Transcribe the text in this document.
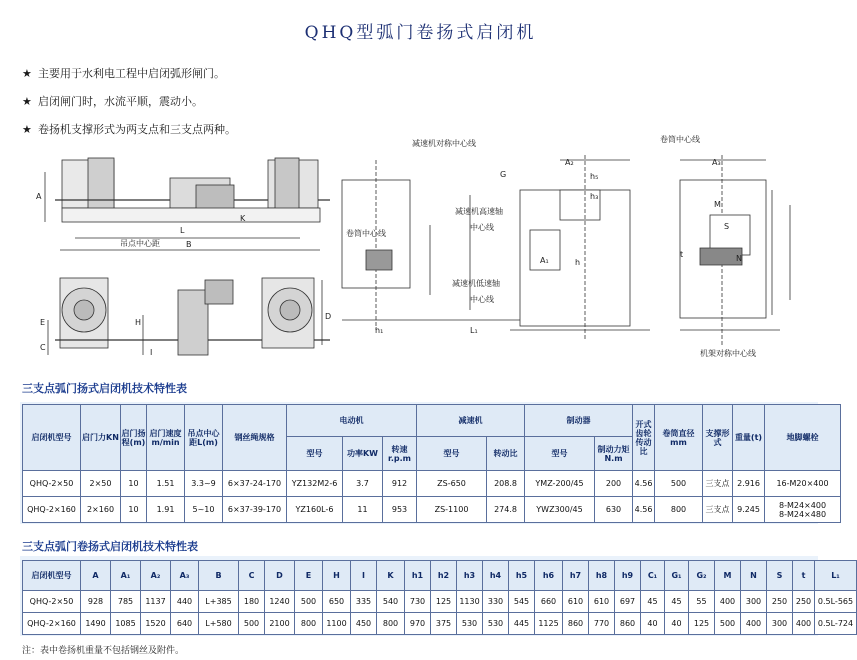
QHQ型弧门卷扬式启闭机
★ 主要用于水利电工程中启闭弧形闸门。
★ 启闭闸门时，水流平顺，震动小。
★ 卷扬机支撑形式为两支点和三支点两种。
减速机对称中心线	卷筒中心线
减速机高速轴
中心线
卷筒中心线
减速机低速轴
中心线
机架对称中心线
吊点中心距
L
B
A
K
E
C
H
D
I
A₂
A₁
A₃
G
h₃
h₁
h
L₁
h₅
M
S
N
t
三支点弧门扬式启闭机技术特性表
启闭机型号	启门力KN	启门扬程(m)	启门速度m/min	吊点中心距L(m)	钢丝绳规格	电动机			减速机		制动器		开式齿轮传动比	卷筒直径mm	支撑形式	重量(t)	地脚螺栓
						型号	功率KW	转速r.p.m	型号	转动比	型号	制动力矩N.m					
QHQ-2×50	2×50	10	1.51	3.3~9	6×37-24-170	YZ132M2-6	3.7	912	ZS-650	208.8	YMZ-200/45	200	4.56	500	三支点	2.916	16-M20×400
QHQ-2×160	2×160	10	1.91	5~10	6×37-39-170	YZ160L-6	11	953	ZS-1100	274.8	YWZ300/45	630	4.56	800	三支点	9.245	8-M24×400
8-M24×480
三支点弧门卷扬式启闭机技术特性表
启闭机型号	A	A₁	A₂	A₃	B	C	D	E	H	I	K	h1	h2	h3	h4	h5	h6	h7	h8	h9	C₁	G₁	G₂	M	N	S	t	L₁
QHQ-2×50	928	785	1137	440	L+385	180	1240	500	650	335	540	730	125	1130	330	545	660	610	610	697	45	45	55	400	300	250	250	0.5L-565
QHQ-2×160	1490	1085	1520	640	L+580	500	2100	800	1100	450	800	970	375	530	530	445	1125	860	770	860	40	40	125	500	400	300	400	0.5L-724
注：表中卷扬机重量不包括钢丝及附件。
